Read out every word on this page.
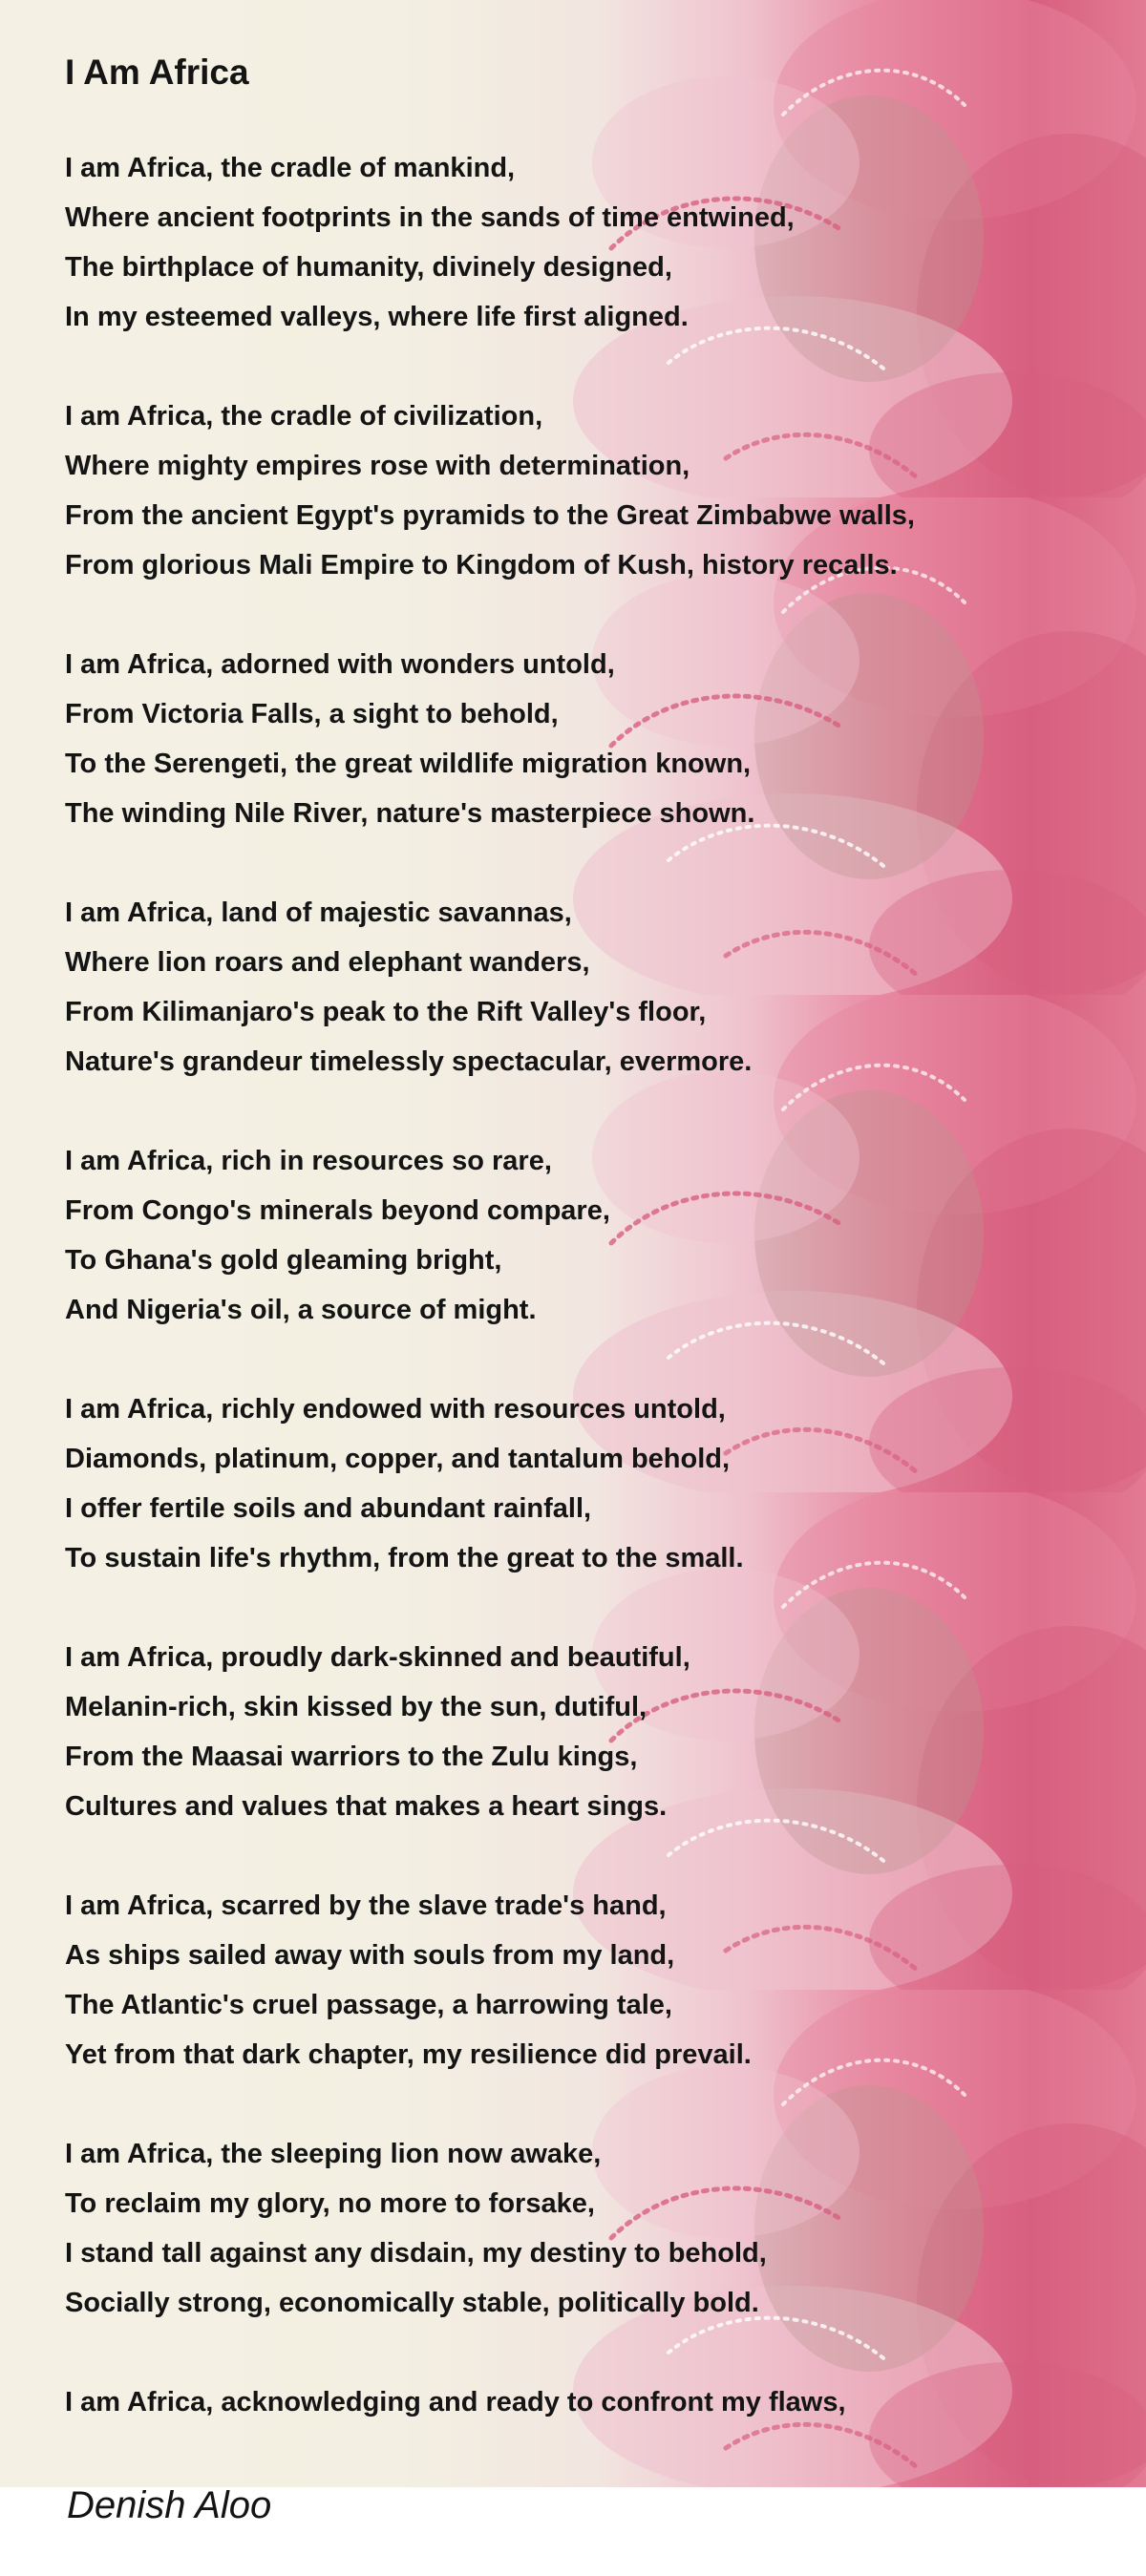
I Am Africa
I am Africa, the cradle of mankind,
Where ancient footprints in the sands of time entwined,
The birthplace of humanity, divinely designed,
In my esteemed valleys, where life first aligned.
I am Africa, the cradle of civilization,
Where mighty empires rose with determination,
From the ancient Egypt's pyramids to the Great Zimbabwe walls,
From glorious Mali Empire to Kingdom of Kush, history recalls.
I am Africa, adorned with wonders untold,
From Victoria Falls, a sight to behold,
To the Serengeti, the great wildlife migration known,
The winding Nile River, nature's masterpiece shown.
I am Africa, land of majestic savannas,
Where lion roars and elephant wanders,
From Kilimanjaro's peak to the Rift Valley's floor,
Nature's grandeur timelessly spectacular, evermore.
I am Africa, rich in resources so rare,
From Congo's minerals beyond compare,
To Ghana's gold gleaming bright,
And Nigeria's oil, a source of might.
I am Africa, richly endowed with resources untold,
Diamonds, platinum, copper, and tantalum behold,
I offer fertile soils and abundant rainfall,
To sustain life's rhythm, from the great to the small.
I am Africa, proudly dark-skinned and beautiful,
Melanin-rich, skin kissed by the sun, dutiful,
From the Maasai warriors to the Zulu kings,
Cultures and values that makes a heart sings.
I am Africa, scarred by the slave trade's hand,
As ships sailed away with souls from my land,
The Atlantic's cruel passage, a harrowing tale,
Yet from that dark chapter, my resilience did prevail.
I am Africa, the sleeping lion now awake,
To reclaim my glory, no more to forsake,
I stand tall against any disdain, my destiny to behold,
Socially strong, economically stable, politically bold.
I am Africa, acknowledging and ready to confront my flaws,
Denish Aloo
